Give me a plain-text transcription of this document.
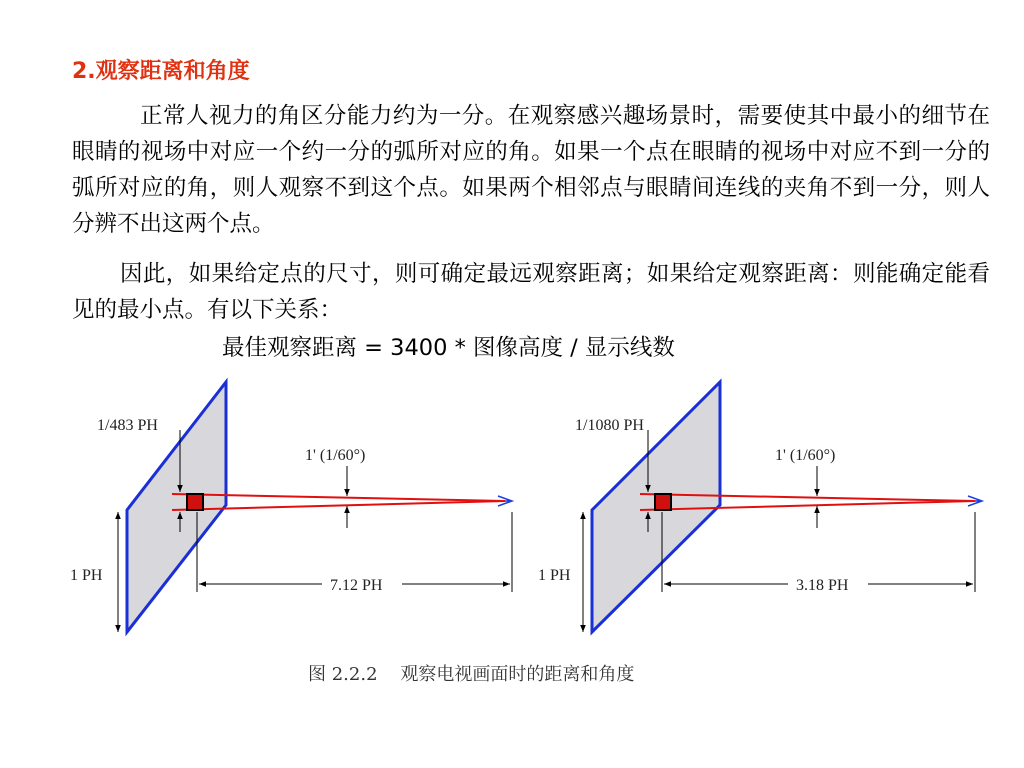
2.观察距离和角度
正常人视力的角区分能力约为一分。在观察感兴趣场景时，需要使其中最小的细节在眼睛的视场中对应一个约一分的弧所对应的角。如果一个点在眼睛的视场中对应不到一分的弧所对应的角，则人观察不到这个点。如果两个相邻点与眼睛间连线的夹角不到一分，则人分辨不出这两个点。
因此，如果给定点的尺寸，则可确定最远观察距离；如果给定观察距离：则能确定能看见的最小点。有以下关系：
最佳观察距离 = 3400 * 图像高度 / 显示线数
1/483 PH
1' (1/60°)
1 PH
7.12 PH
1/1080 PH
1' (1/60°)
1 PH
3.18 PH
图 2.2.2    观察电视画面时的距离和角度
